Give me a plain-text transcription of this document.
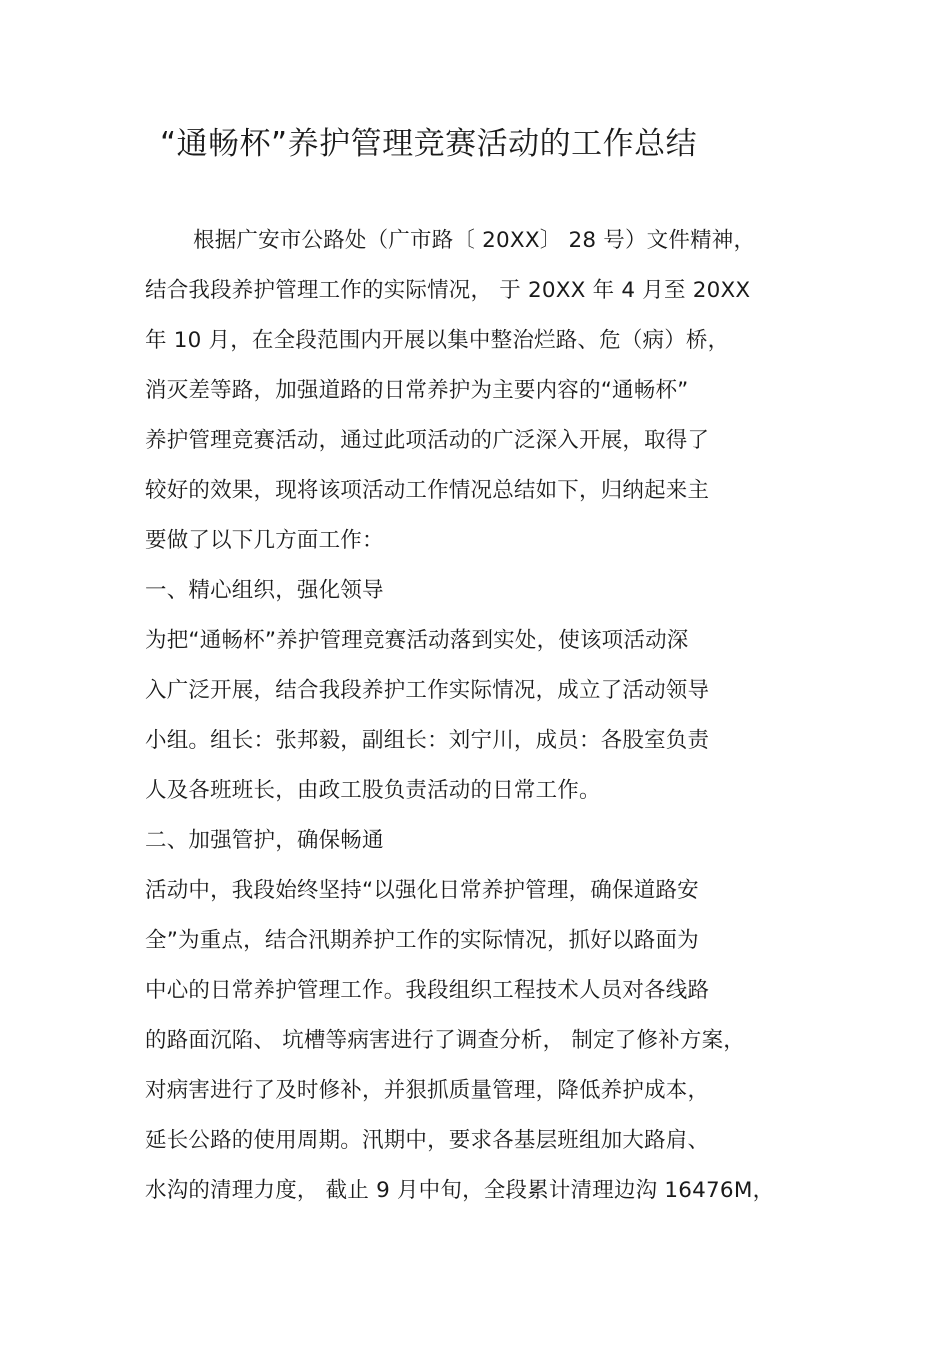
“通畅杯”养护管理竞赛活动的工作总结
根据广安市公路处（广市路〔 20XX〕 28 号）文件精神，
结合我段养护管理工作的实际情况， 于 20XX 年 4 月至 20XX
年 10 月，在全段范围内开展以集中整治烂路、危（病）桥，
消灭差等路，加强道路的日常养护为主要内容的“通畅杯”
养护管理竞赛活动，通过此项活动的广泛深入开展，取得了
较好的效果，现将该项活动工作情况总结如下，归纳起来主
要做了以下几方面工作：
一、精心组织，强化领导
为把“通畅杯”养护管理竞赛活动落到实处，使该项活动深
入广泛开展，结合我段养护工作实际情况，成立了活动领导
小组。组长：张邦毅，副组长：刘宁川，成员：各股室负责
人及各班班长，由政工股负责活动的日常工作。
二、加强管护，确保畅通
活动中，我段始终坚持“以强化日常养护管理，确保道路安
全”为重点，结合汛期养护工作的实际情况，抓好以路面为
中心的日常养护管理工作。我段组织工程技术人员对各线路
的路面沉陷、 坑槽等病害进行了调查分析， 制定了修补方案，
对病害进行了及时修补，并狠抓质量管理，降低养护成本，
延长公路的使用周期。汛期中，要求各基层班组加大路肩、
水沟的清理力度， 截止 9 月中旬，全段累计清理边沟 16476M，
